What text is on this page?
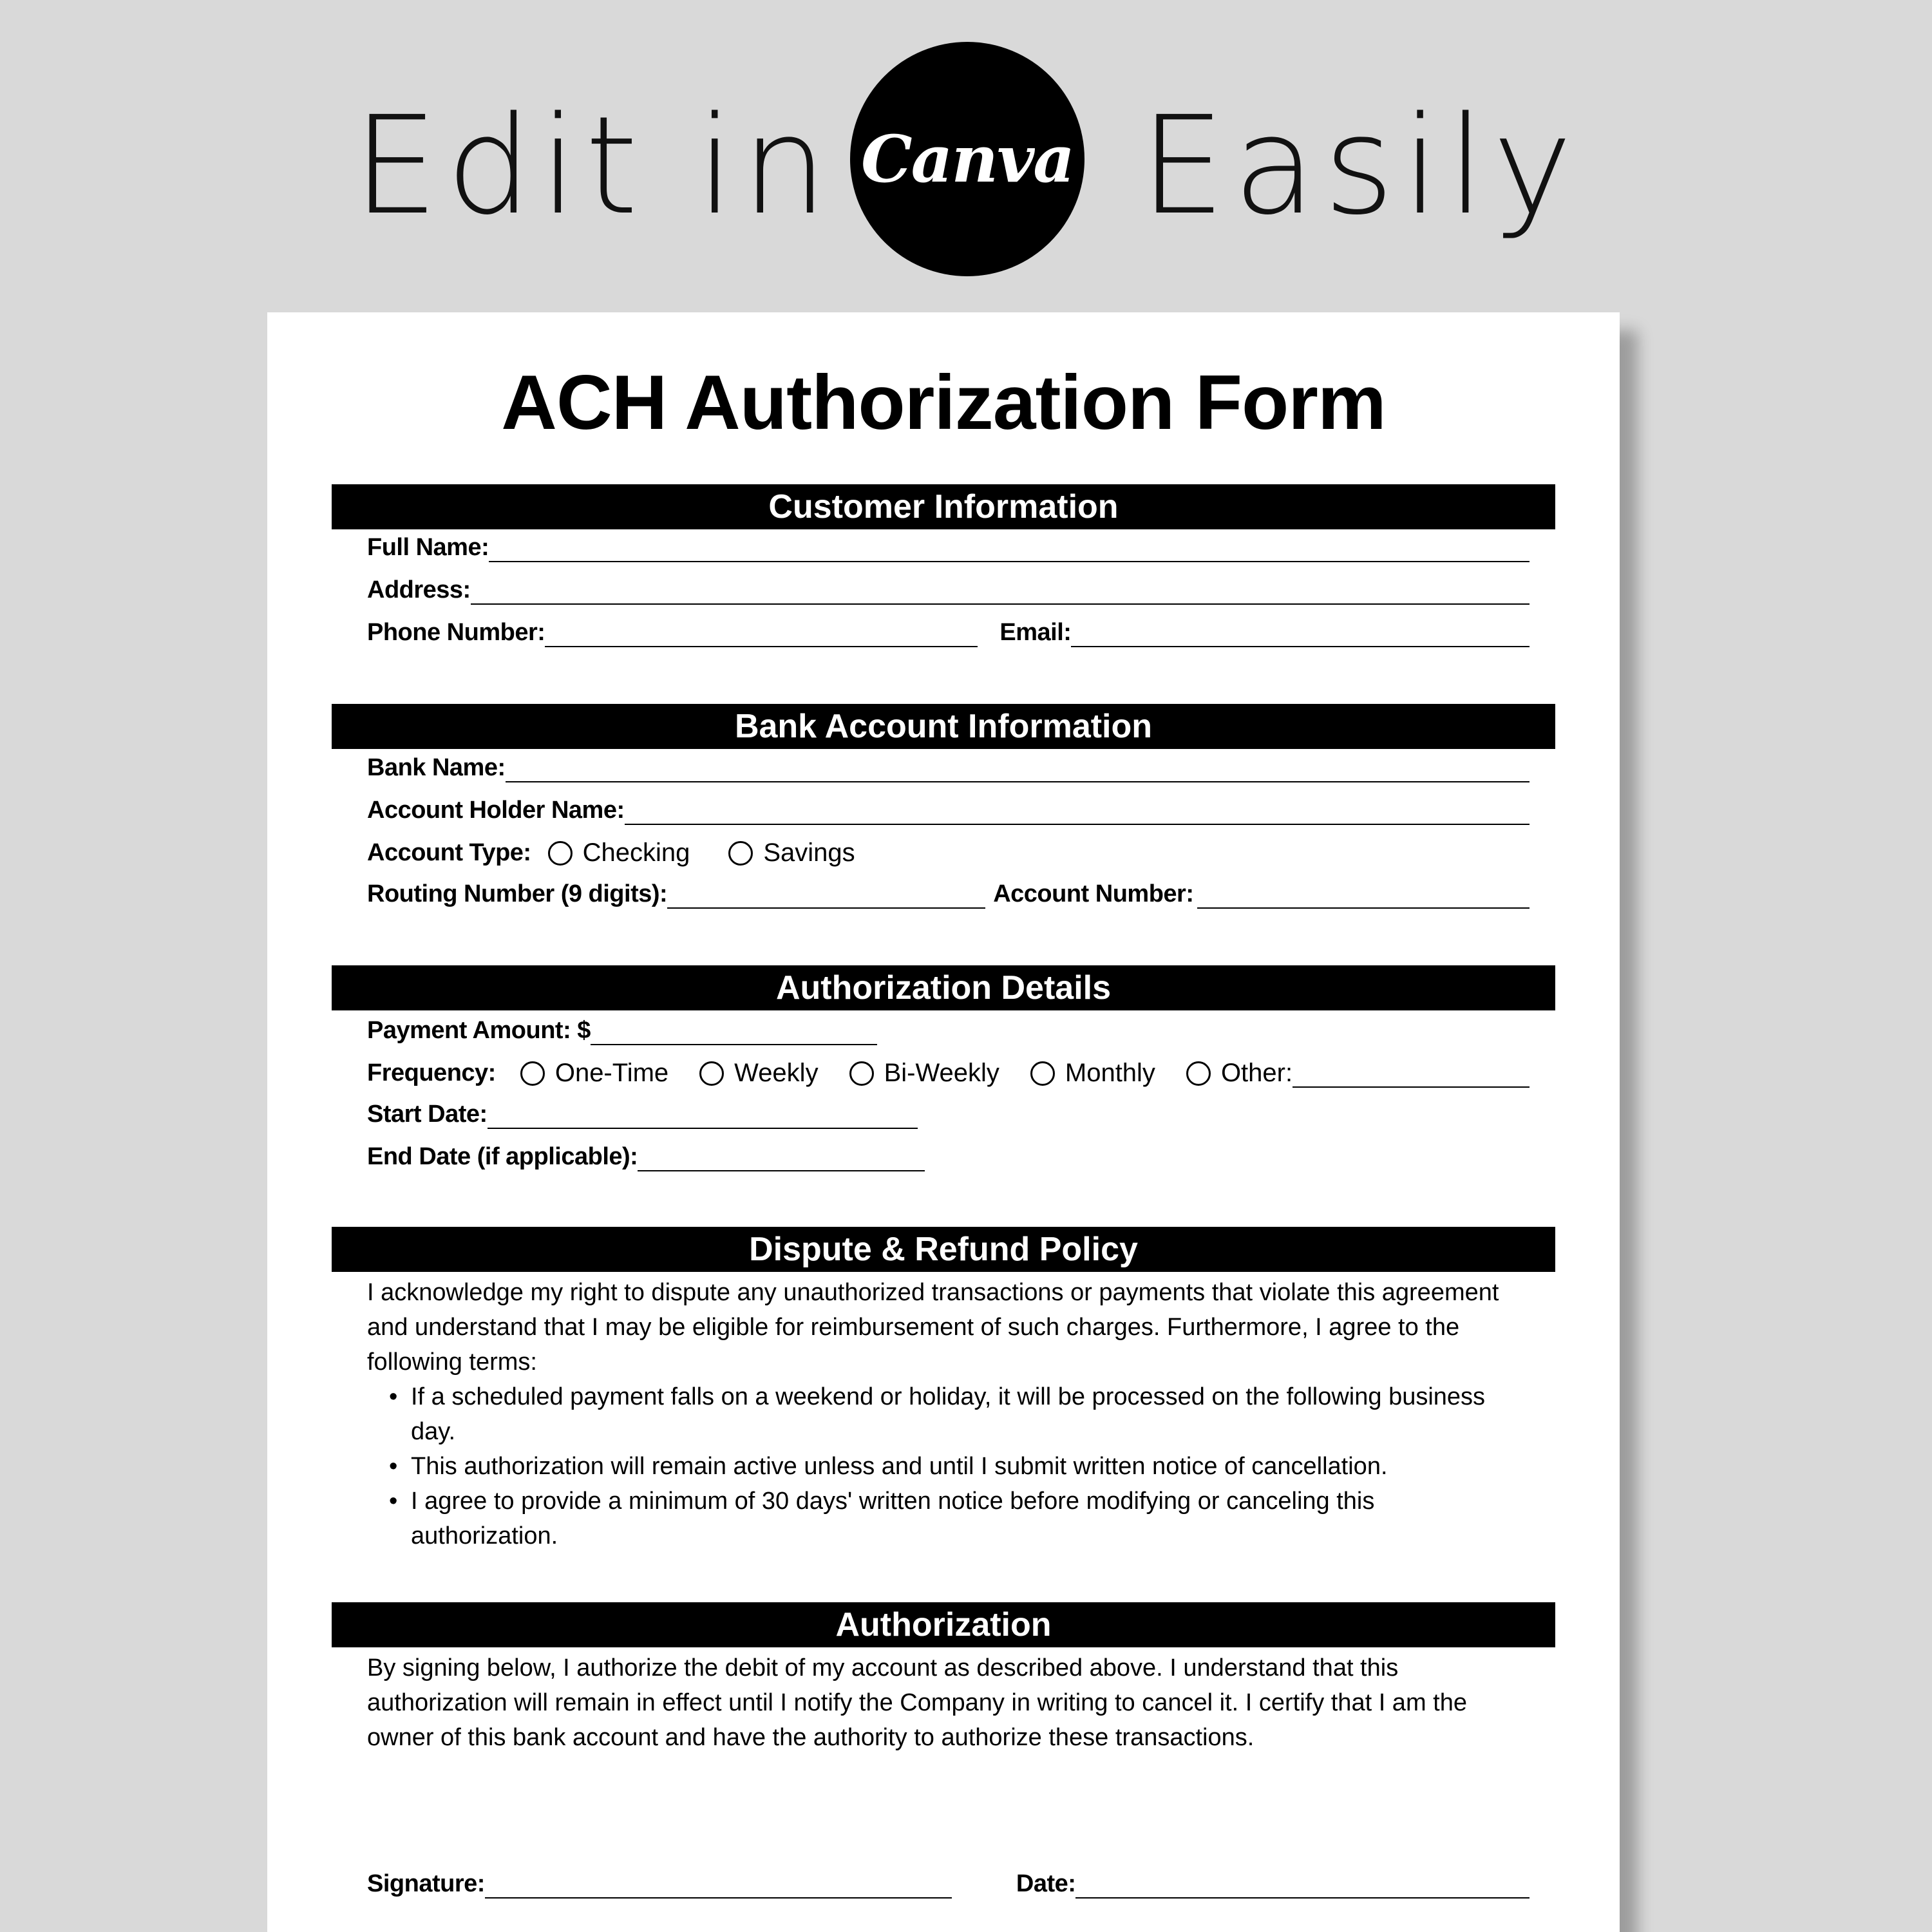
Edit in Canva Easily
ACH Authorization Form
Customer Information
Full Name:
Address:
Phone Number:	Email:
Bank Account Information
Bank Name:
Account Holder Name:
Account Type: Checking	Savings
Routing Number (9 digits):	Account Number:
Authorization Details
Payment Amount: $
Frequency: One-Time	Weekly	Bi-Weekly	Monthly	Other:
Start Date:
End Date (if applicable):
Dispute & Refund Policy

I acknowledge my right to dispute any unauthorized transactions or payments that violate this agreement and understand that I may be eligible for reimbursement of such charges. Furthermore, I agree to the following terms:

• If a scheduled payment falls on a weekend or holiday, it will be processed on the following business day.
• This authorization will remain active unless and until I submit written notice of cancellation.
• I agree to provide a minimum of 30 days' written notice before modifying or canceling this authorization.
Authorization
By signing below, I authorize the debit of my account as described above. I understand that this authorization will remain in effect until I notify the Company in writing to cancel it. I certify that I am the owner of this bank account and have the authority to authorize these transactions.
Signature:	Date:
